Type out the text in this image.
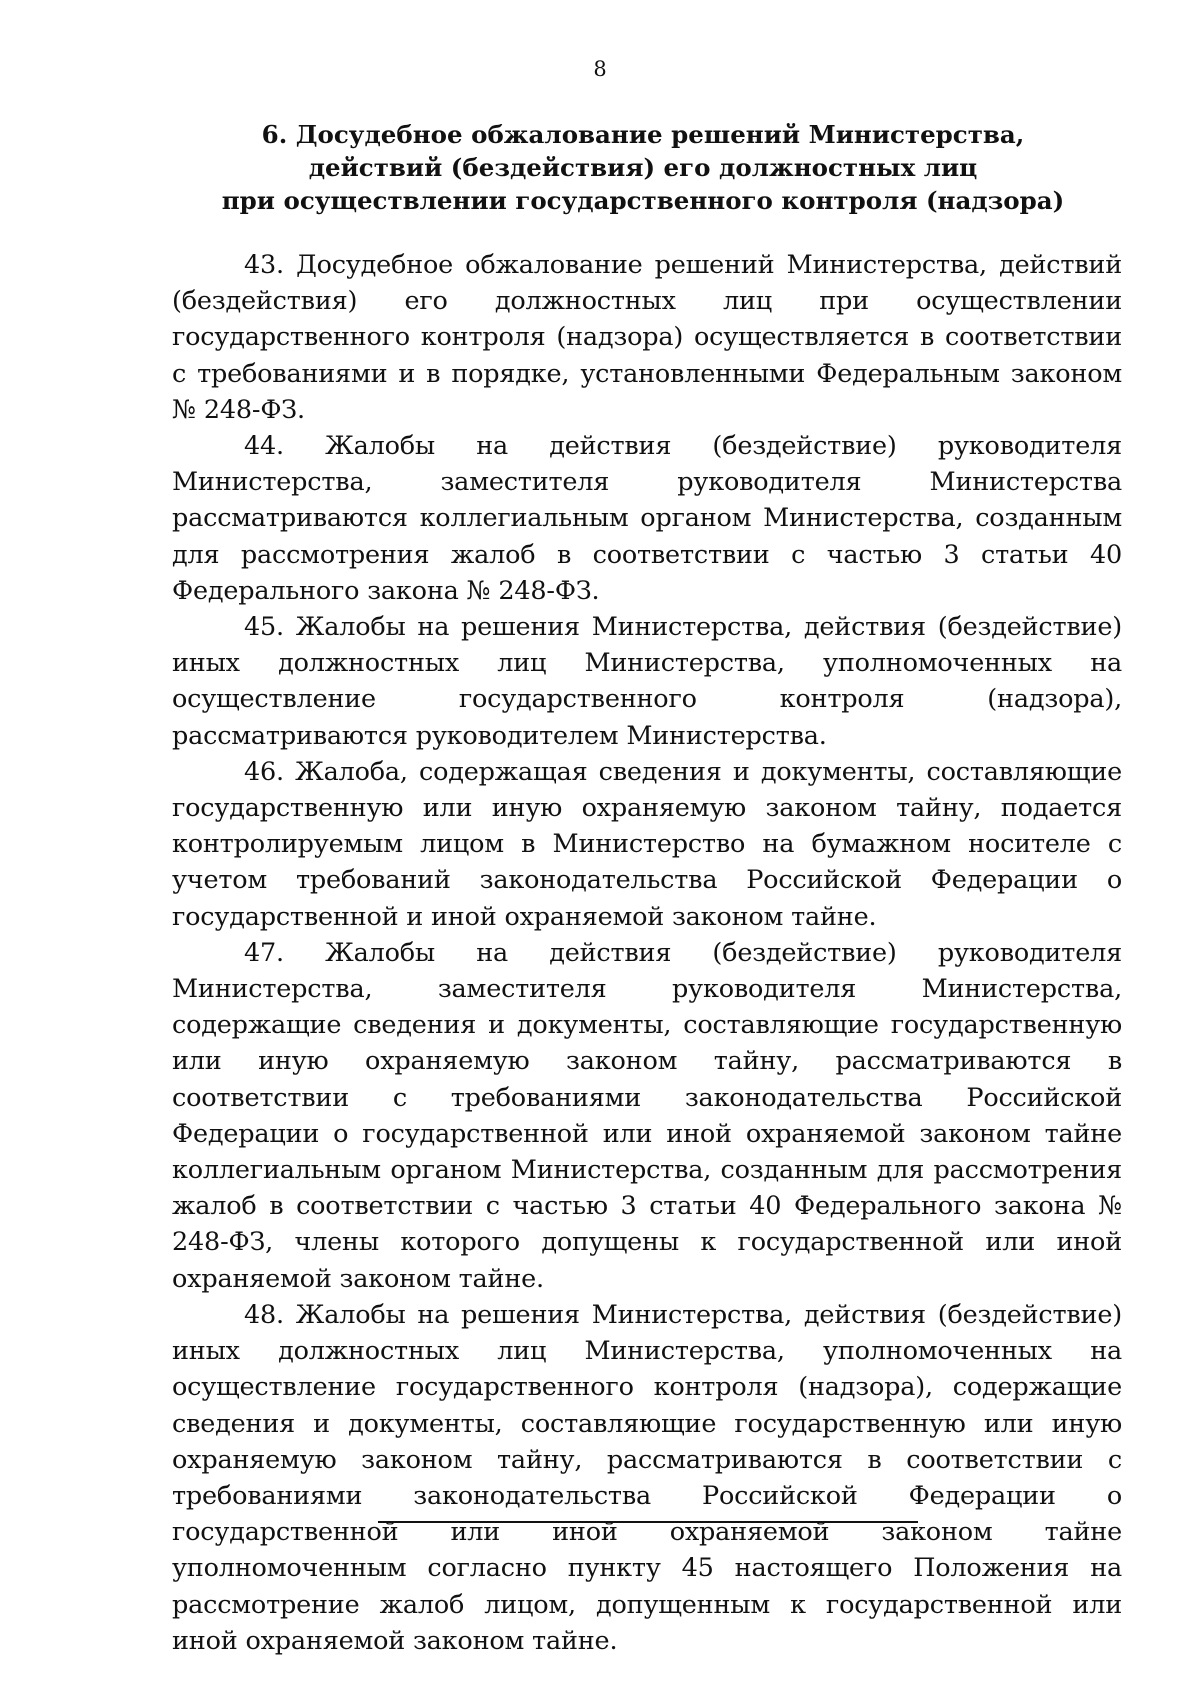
8
6. Досудебное обжалование решений Министерства,
действий (бездействия) его должностных лиц
при осуществлении государственного контроля (надзора)

43. Досудебное обжалование решений Министерства, действий (бездействия) его должностных лиц при осуществлении государственного контроля (надзора) осуществляется в соответствии с требованиями и в порядке, установленными Федеральным законом № 248-ФЗ.

44. Жалобы на действия (бездействие) руководителя Министерства, заместителя руководителя Министерства рассматриваются коллегиальным органом Министерства, созданным для рассмотрения жалоб в соответствии с частью 3 статьи 40 Федерального закона № 248-ФЗ.

45. Жалобы на решения Министерства, действия (бездействие) иных должностных лиц Министерства, уполномоченных на осуществление государственного контроля (надзора), рассматриваются руководителем Министерства.

46. Жалоба, содержащая сведения и документы, составляющие государственную или иную охраняемую законом тайну, подается контролируемым лицом в Министерство на бумажном носителе с учетом требований законодательства Российской Федерации о государственной и иной охраняемой законом тайне.

47. Жалобы на действия (бездействие) руководителя Министерства, заместителя руководителя Министерства, содержащие сведения и документы, составляющие государственную или иную охраняемую законом тайну, рассматриваются в соответствии с требованиями законодательства Российской Федерации о государственной или иной охраняемой законом тайне коллегиальным органом Министерства, созданным для рассмотрения жалоб в соответствии с частью 3 статьи 40 Федерального закона № 248-ФЗ, члены которого допущены к государственной или иной охраняемой законом тайне.

48. Жалобы на решения Министерства, действия (бездействие) иных должностных лиц Министерства, уполномоченных на осуществление государственного контроля (надзора), содержащие сведения и документы, составляющие государственную или иную охраняемую законом тайну, рассматриваются в соответствии с требованиями законодательства Российской Федерации о государственной или иной охраняемой законом тайне уполномоченным согласно пункту 45 настоящего Положения на рассмотрение жалоб лицом, допущенным к государственной или иной охраняемой законом тайне.
